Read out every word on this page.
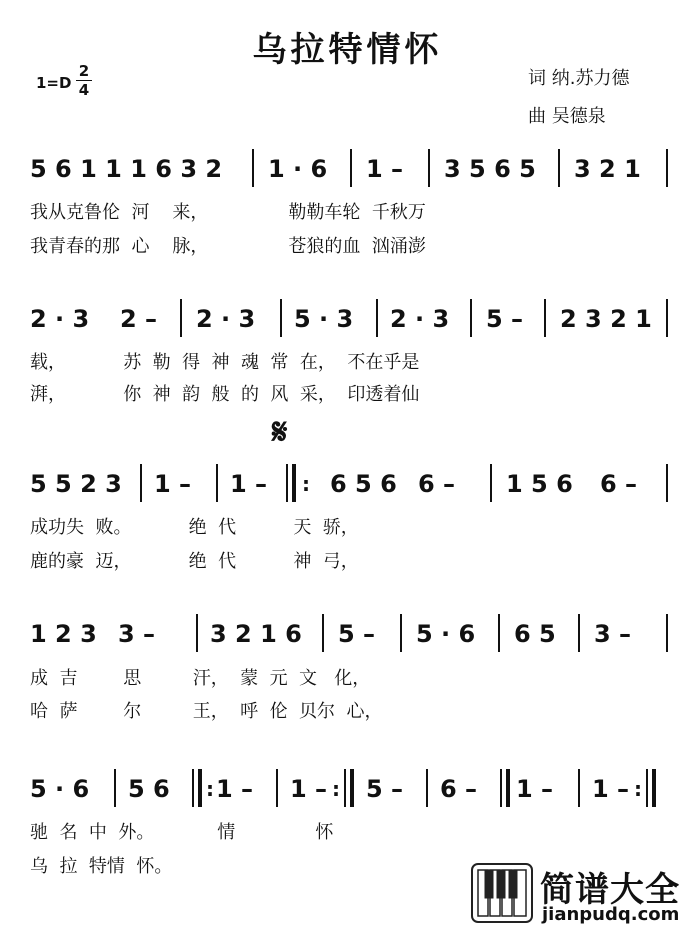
乌拉特情怀
1=D
2
4
词 纳.苏力德
曲 吴德泉
5 6 1 1 1 6 3 2 1 · 6 1 – 3 5 6 5 3 2 1
我从克鲁伦  河    来，              勒勒车轮  千秋万
我青春的那  心    脉，              苍狼的血  汹涌澎
2 · 3 2 – 2 · 3 5 · 3 2 · 3 5 – 2 3 2 1
载，          苏  勒  得  神  魂  常  在，  不在乎是
湃，          你  神  韵  般  的  风  采，  印透着仙
𝄋
5 5 2 3 1 – 1 – : 6 5 6 6 – 1 5 6 6 –
成功失  败。          绝  代          天  骄，
鹿的豪  迈，          绝  代          神  弓，
1 2 3 3 – 3 2 1 6 5 – 5 · 6 6 5 3 –
成  吉        思         汗，  蒙  元  文   化，
哈  萨        尔         王，  呼  伦  贝尔  心，
5 · 6 5 6 : 1 – 1 – : 5 – 6 – 1 – 1 – :
驰  名  中  外。           情              怀
乌  拉  特情  怀。
简谱大全
jianpudq.com
